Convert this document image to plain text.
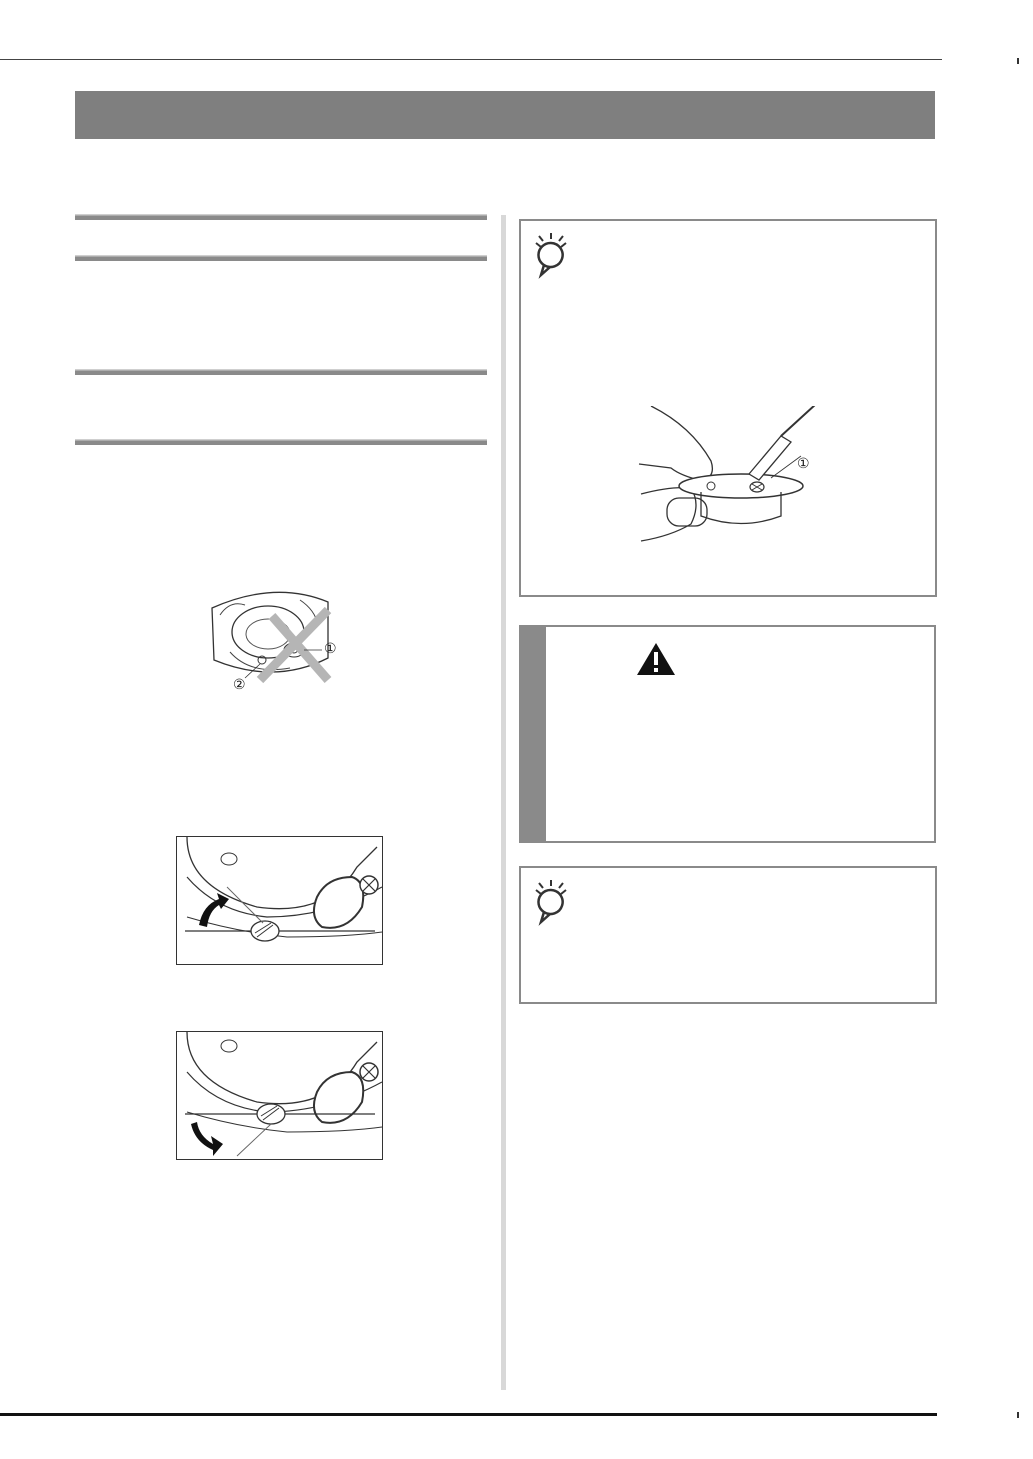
①
②
①
